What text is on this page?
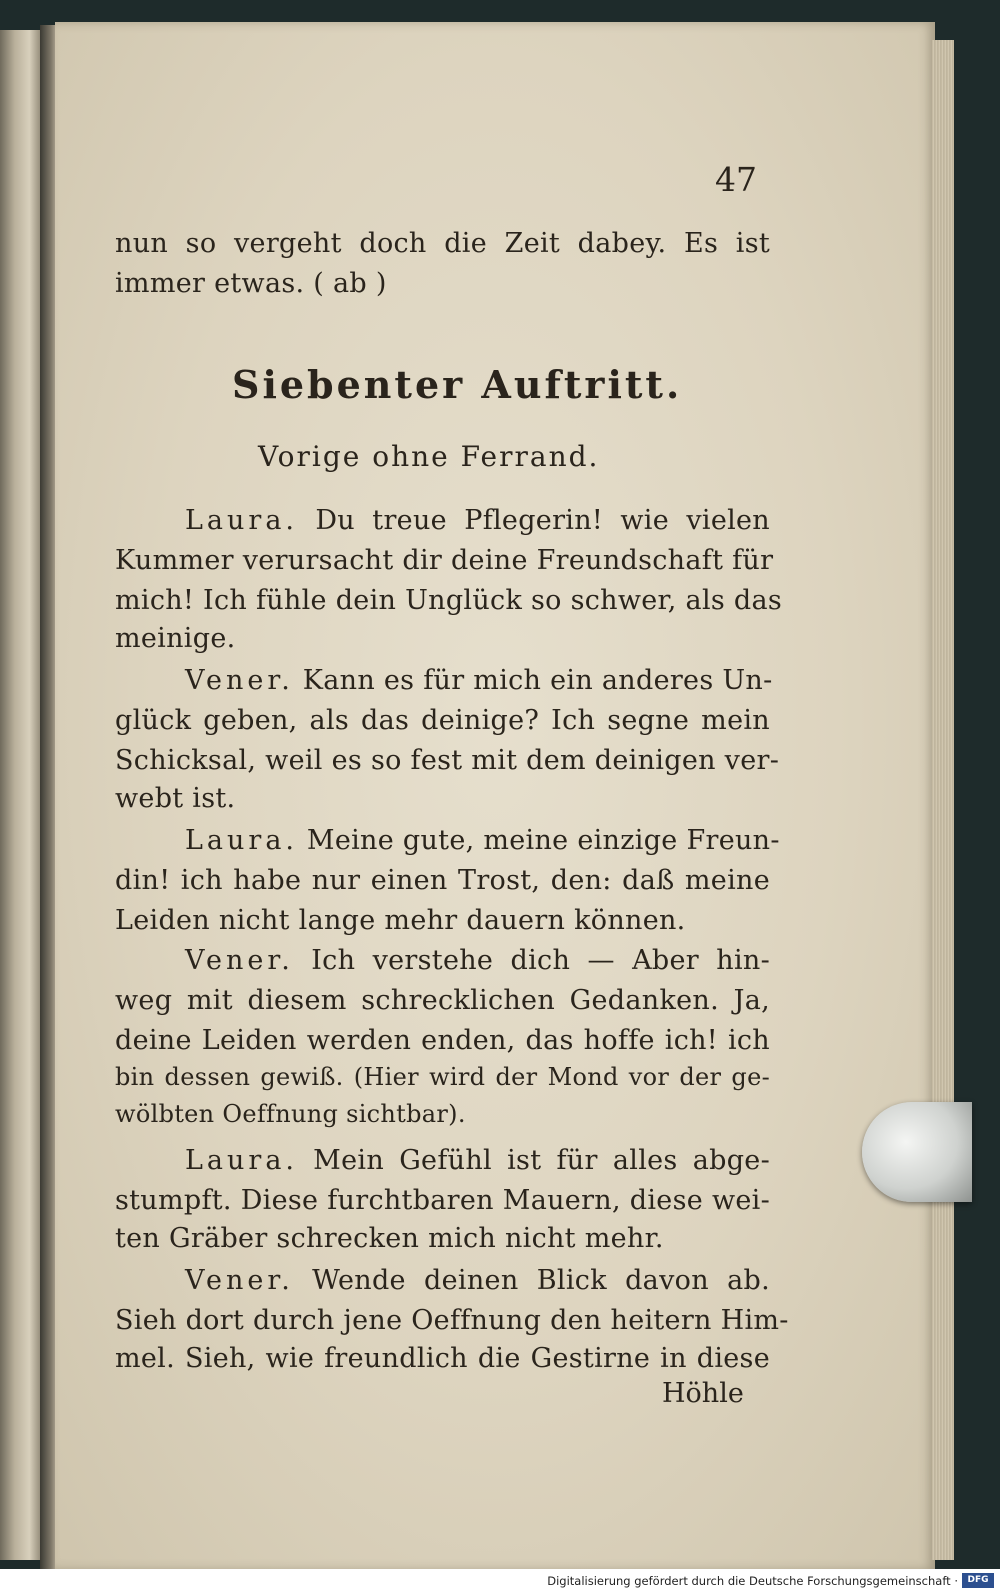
47
nun so vergeht doch die Zeit dabey. Es ist
immer etwas. ( ab )
Siebenter Auftritt.
Vorige ohne Ferrand.
Laura. Du treue Pflegerin! wie vielen
Kummer verursacht dir deine Freundschaft für
mich! Ich fühle dein Unglück so schwer, als das
meinige.
Vener. Kann es für mich ein anderes Un-
glück geben, als das deinige? Ich segne mein
Schicksal, weil es so fest mit dem deinigen ver-
webt ist.
Laura. Meine gute, meine einzige Freun-
din! ich habe nur einen Trost, den: daß meine
Leiden nicht lange mehr dauern können.
Vener. Ich verstehe dich — Aber hin-
weg mit diesem schrecklichen Gedanken. Ja,
deine Leiden werden enden, das hoffe ich! ich
bin dessen gewiß. (Hier wird der Mond vor der ge-
wölbten Oeffnung sichtbar).
Laura. Mein Gefühl ist für alles abge-
stumpft. Diese furchtbaren Mauern, diese wei-
ten Gräber schrecken mich nicht mehr.
Vener. Wende deinen Blick davon ab.
Sieh dort durch jene Oeffnung den heitern Him-
mel. Sieh, wie freundlich die Gestirne in diese
Höhle
Digitalisierung gefördert durch die Deutsche Forschungsgemeinschaft ·	DFG
